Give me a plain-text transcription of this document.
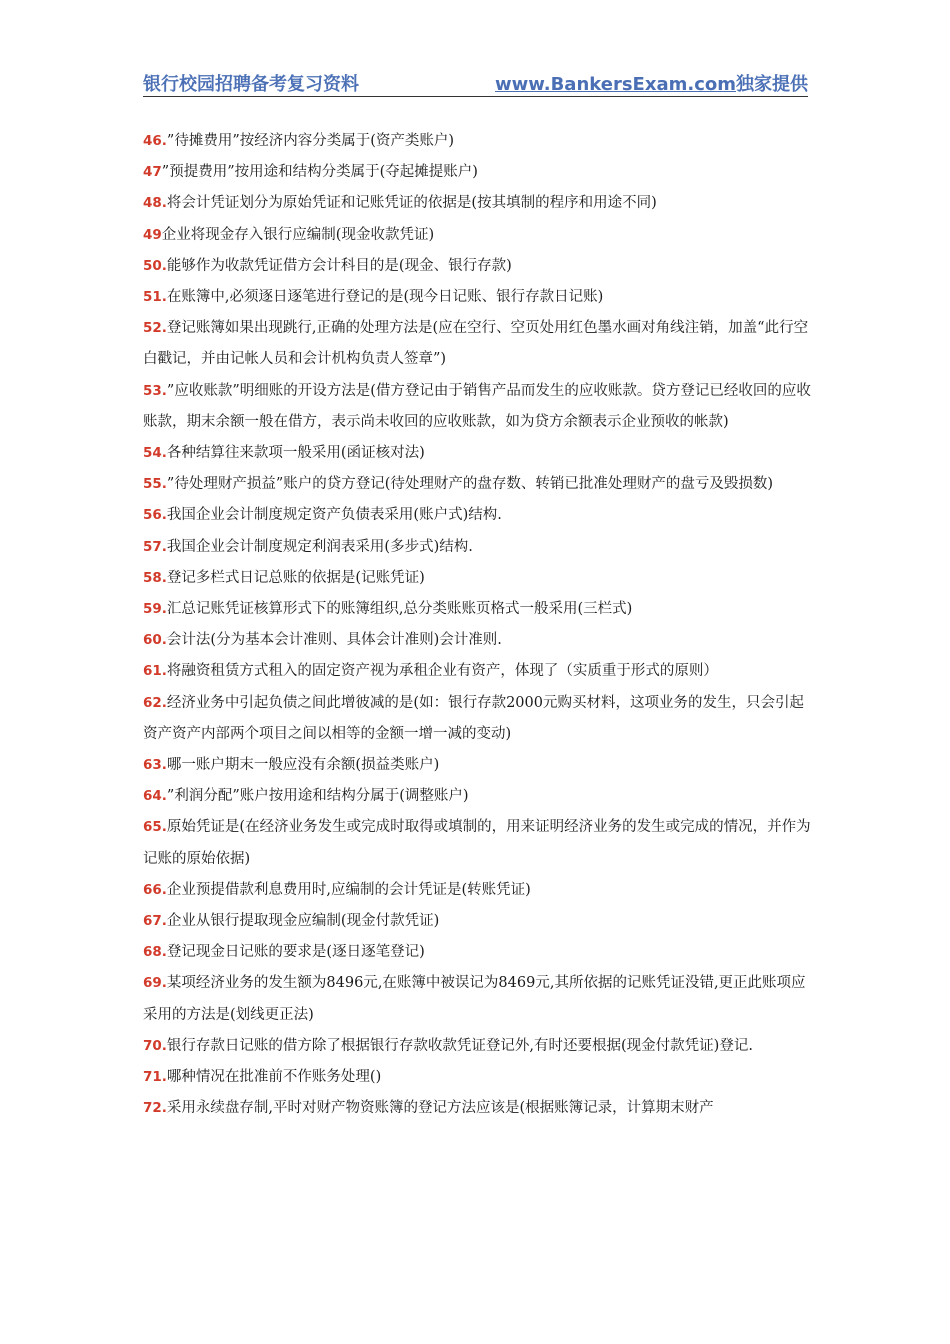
银行校园招聘备考复习资料	www.BankersExam.com独家提供

46.”待摊费用”按经济内容分类属于(资产类账户)

47”预提费用”按用途和结构分类属于(夺起摊提账户)

48.将会计凭证划分为原始凭证和记账凭证的依据是(按其填制的程序和用途不同)

49企业将现金存入银行应编制(现金收款凭证)

50.能够作为收款凭证借方会计科目的是(现金、银行存款)

51.在账簿中,必须逐日逐笔进行登记的是(现今日记账、银行存款日记账)

52.登记账簿如果出现跳行,正确的处理方法是(应在空行、空页处用红色墨水画对角线注销，加盖“此行空白戳记，并由记帐人员和会计机构负责人签章”)

53.”应收账款”明细账的开设方法是(借方登记由于销售产品而发生的应收账款。贷方登记已经收回的应收账款，期末余额一般在借方，表示尚未收回的应收账款，如为贷方余额表示企业预收的帐款)

54.各种结算往来款项一般采用(函证核对法)

55.”待处理财产损益”账户的贷方登记(待处理财产的盘存数、转销已批准处理财产的盘亏及毁损数)

56.我国企业会计制度规定资产负债表采用(账户式)结构.

57.我国企业会计制度规定利润表采用(多步式)结构.

58.登记多栏式日记总账的依据是(记账凭证)

59.汇总记账凭证核算形式下的账簿组织,总分类账账页格式一般采用(三栏式)

60.会计法(分为基本会计准则、具体会计准则)会计准则.

61.将融资租赁方式租入的固定资产视为承租企业有资产，体现了（实质重于形式的原则）

62.经济业务中引起负债之间此增彼减的是(如：银行存款2000元购买材料，这项业务的发生，只会引起资产资产内部两个项目之间以相等的金额一增一减的变动)

63.哪一账户期末一般应没有余额(损益类账户)

64.”利润分配”账户按用途和结构分属于(调整账户)

65.原始凭证是(在经济业务发生或完成时取得或填制的，用来证明经济业务的发生或完成的情况，并作为记账的原始依据)

66.企业预提借款利息费用时,应编制的会计凭证是(转账凭证)

67.企业从银行提取现金应编制(现金付款凭证)

68.登记现金日记账的要求是(逐日逐笔登记)

69.某项经济业务的发生额为8496元,在账簿中被误记为8469元,其所依据的记账凭证没错,更正此账项应采用的方法是(划线更正法)

70.银行存款日记账的借方除了根据银行存款收款凭证登记外,有时还要根据(现金付款凭证)登记.

71.哪种情况在批准前不作账务处理()

72.采用永续盘存制,平时对财产物资账簿的登记方法应该是(根据账簿记录，计算期末财产
